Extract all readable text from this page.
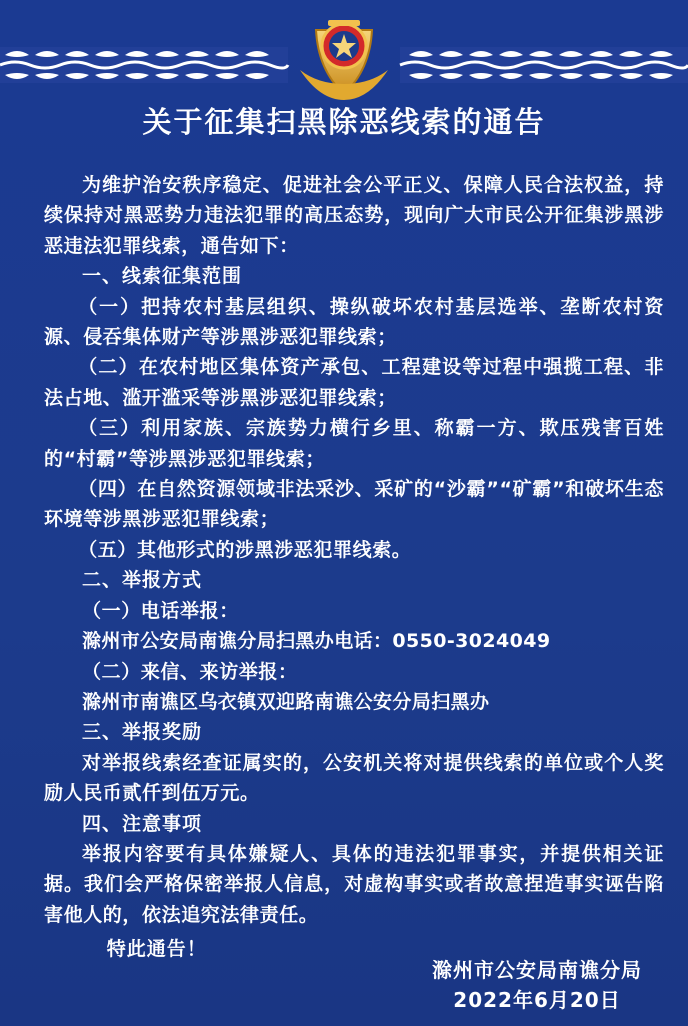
关于征集扫黑除恶线索的通告

为维护治安秩序稳定、促进社会公平正义、保障人民合法权益，持续保持对黑恶势力违法犯罪的高压态势，现向广大市民公开征集涉黑涉恶违法犯罪线索，通告如下：

一、线索征集范围

（一）把持农村基层组织、操纵破坏农村基层选举、垄断农村资源、侵吞集体财产等涉黑涉恶犯罪线索；

（二）在农村地区集体资产承包、工程建设等过程中强揽工程、非法占地、滥开滥采等涉黑涉恶犯罪线索；

（三）利用家族、宗族势力横行乡里、称霸一方、欺压残害百姓的“村霸”等涉黑涉恶犯罪线索；

（四）在自然资源领域非法采沙、采矿的“沙霸”“矿霸”和破坏生态环境等涉黑涉恶犯罪线索；

（五）其他形式的涉黑涉恶犯罪线索。

二、举报方式

（一）电话举报：

滁州市公安局南谯分局扫黑办电话：0550-3024049

（二）来信、来访举报：

滁州市南谯区乌衣镇双迎路南谯公安分局扫黑办

三、举报奖励

对举报线索经查证属实的，公安机关将对提供线索的单位或个人奖励人民币贰仟到伍万元。

四、注意事项

举报内容要有具体嫌疑人、具体的违法犯罪事实，并提供相关证据。我们会严格保密举报人信息，对虚构事实或者故意捏造事实诬告陷害他人的，依法追究法律责任。

特此通告！

滁州市公安局南谯分局
2022年6月20日
